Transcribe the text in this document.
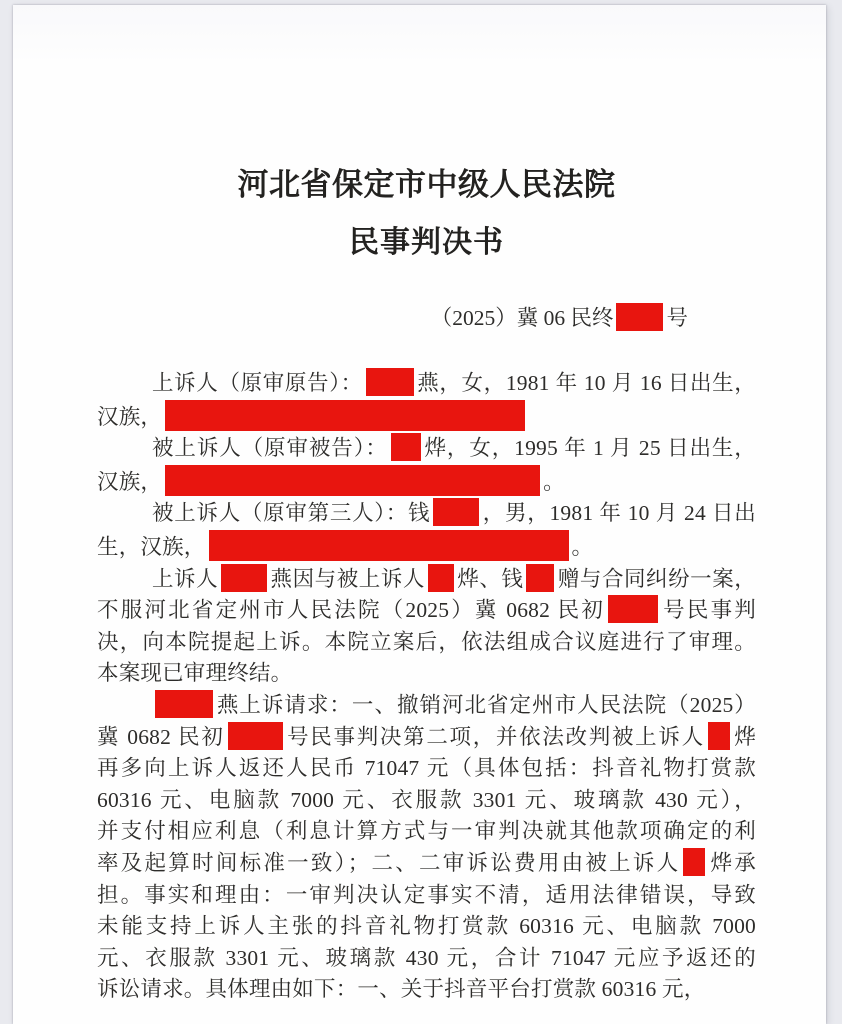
河北省保定市中级人民法院
民事判决书
（2025）冀 06 民终 号
上诉人（原审原告）：	燕，女，1981 年 10 月 16 日出生，
汉族，
被上诉人（原审被告）： 烨，女，1995 年 1 月 25 日出生，
汉族，	。
被上诉人（原审第三人）：钱 ，男，1981 年 10 月 24 日出
生，汉族，	。
上诉人 燕因与被上诉人 烨、钱 赠与合同纠纷一案，
不服河北省定州市人民法院（2025）冀 0682 民初	号民事判
决，向本院提起上诉。本院立案后，依法组成合议庭进行了审理。
本案现已审理终结。
燕上诉请求：一、撤销河北省定州市人民法院（2025）
冀 0682 民初	号民事判决第二项，并依法改判被上诉人 烨
再多向上诉人返还人民币 71047 元（具体包括：抖音礼物打赏款
60316 元、电脑款 7000 元、衣服款 3301 元、玻璃款 430 元），
并支付相应利息（利息计算方式与一审判决就其他款项确定的利
率及起算时间标准一致）；二、二审诉讼费用由被上诉人 烨承
担。事实和理由：一审判决认定事实不清，适用法律错误，导致
未能支持上诉人主张的抖音礼物打赏款 60316 元、电脑款 7000
元、衣服款 3301 元、玻璃款 430 元，合计 71047 元应予返还的
诉讼请求。具体理由如下：一、关于抖音平台打赏款 60316 元，
